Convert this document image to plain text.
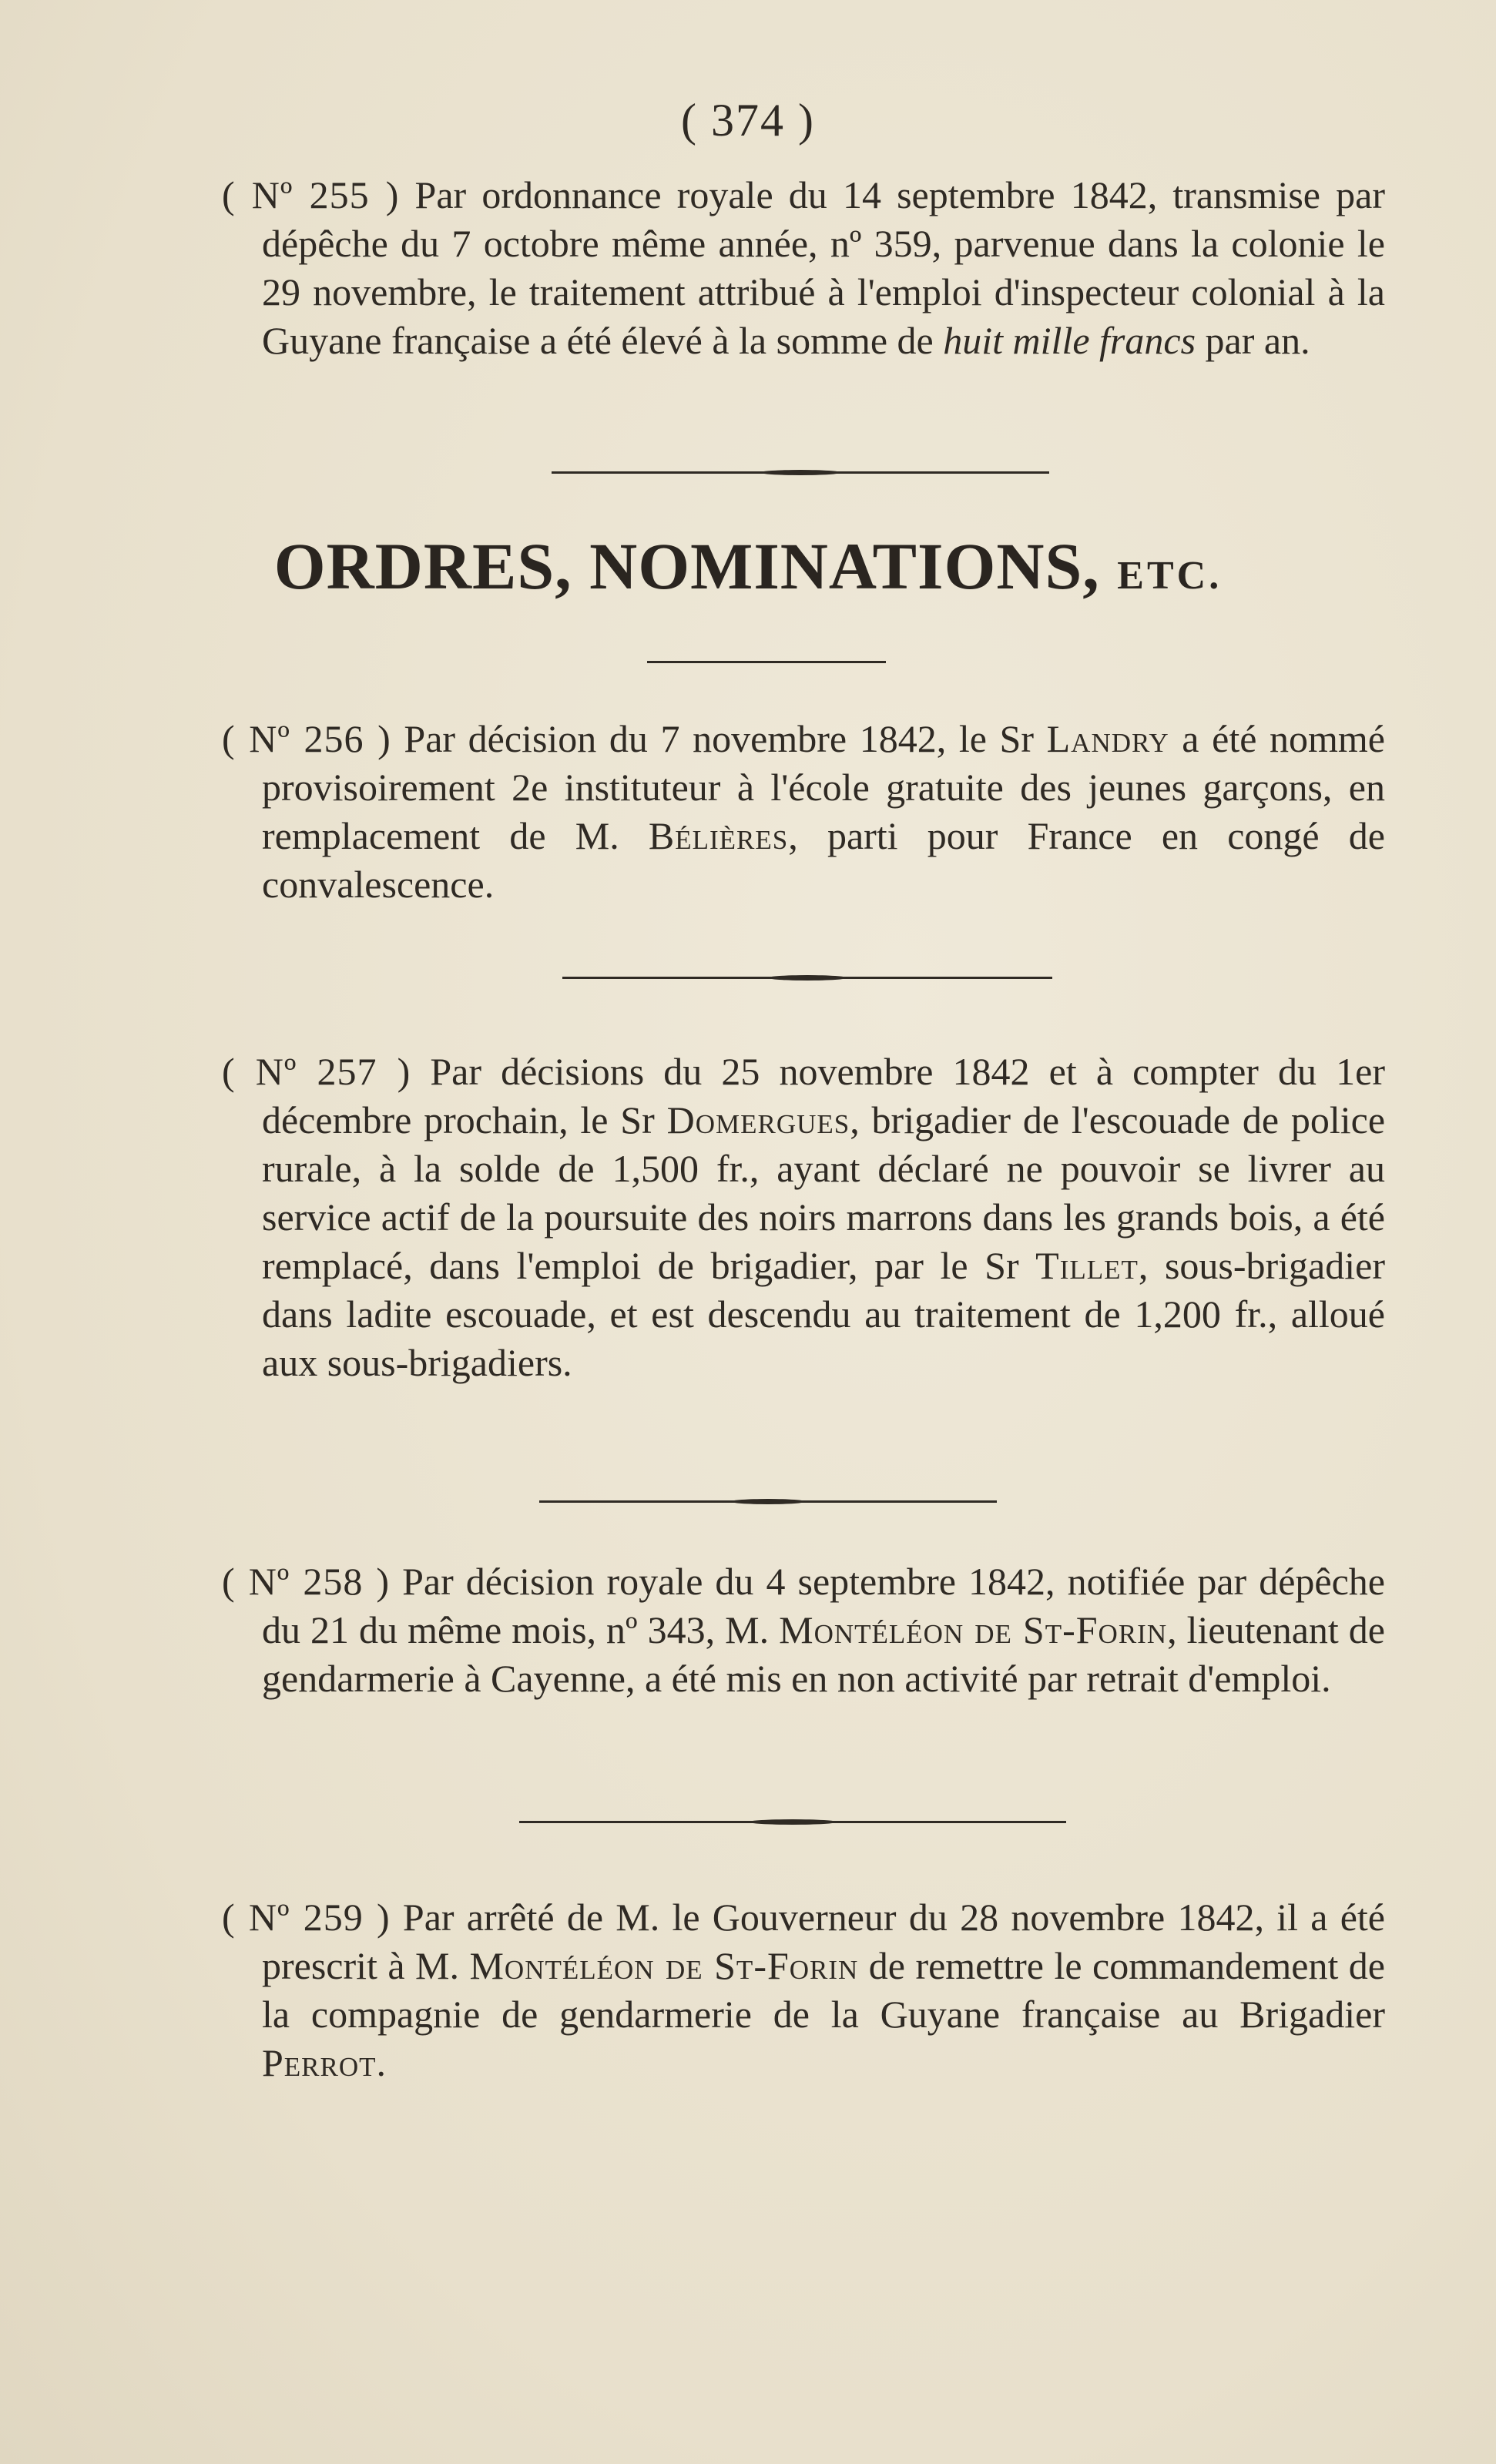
( 374 )

( Nº 255 ) Par ordonnance royale du 14 septembre 1842, transmise par dépêche du 7 octobre même année, nº 359, parvenue dans la colonie le 29 novembre, le traitement attribué à l'emploi d'inspecteur colonial à la Guyane française a été élevé à la somme de huit mille francs par an.

ORDRES, NOMINATIONS, ETC.

( Nº 256 ) Par décision du 7 novembre 1842, le Sr Landry a été nommé provisoirement 2e instituteur à l'école gratuite des jeunes garçons, en remplacement de M. Bélières, parti pour France en congé de convalescence.

( Nº 257 ) Par décisions du 25 novembre 1842 et à compter du 1er décembre prochain, le Sr Domergues, brigadier de l'escouade de police rurale, à la solde de 1,500 fr., ayant déclaré ne pouvoir se livrer au service actif de la poursuite des noirs marrons dans les grands bois, a été remplacé, dans l'emploi de brigadier, par le Sr Tillet, sous-brigadier dans ladite escouade, et est descendu au traitement de 1,200 fr., alloué aux sous-brigadiers.

( Nº 258 ) Par décision royale du 4 septembre 1842, notifiée par dépêche du 21 du même mois, nº 343, M. Montéléon de St-Forin, lieutenant de gendarmerie à Cayenne, a été mis en non activité par retrait d'emploi.

( Nº 259 ) Par arrêté de M. le Gouverneur du 28 novembre 1842, il a été prescrit à M. Montéléon de St-Forin de remettre le commandement de la compagnie de gendarmerie de la Guyane française au Brigadier Perrot.
